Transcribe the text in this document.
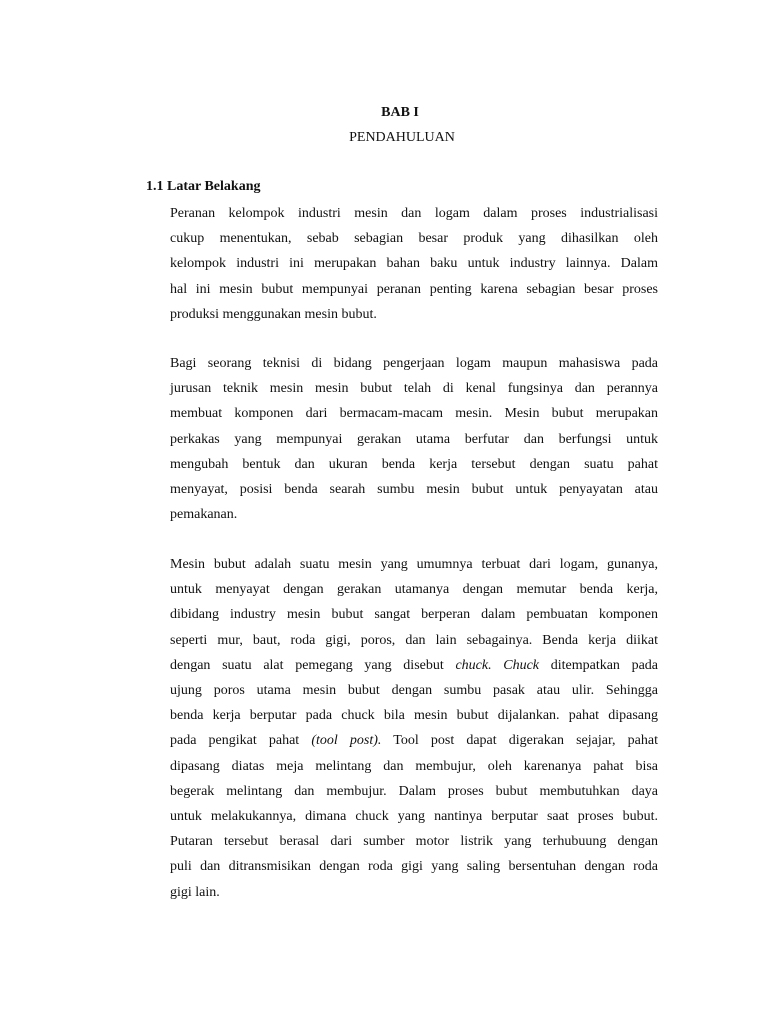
BAB I
PENDAHULUAN
1.1 Latar Belakang
Peranan kelompok industri mesin dan logam dalam proses industrialisasi
cukup menentukan, sebab sebagian besar produk yang dihasilkan oleh
kelompok industri ini merupakan bahan baku untuk industry lainnya. Dalam
hal ini mesin bubut mempunyai peranan penting karena sebagian besar proses
produksi menggunakan mesin bubut.
Bagi seorang teknisi di bidang pengerjaan logam maupun mahasiswa pada
jurusan teknik mesin mesin bubut telah di kenal fungsinya dan perannya
membuat komponen dari bermacam-macam mesin. Mesin bubut merupakan
perkakas yang mempunyai gerakan utama berfutar dan berfungsi untuk
mengubah bentuk dan ukuran benda kerja tersebut dengan suatu pahat
menyayat, posisi benda searah sumbu mesin bubut untuk penyayatan atau
pemakanan.
Mesin bubut adalah suatu mesin yang umumnya terbuat dari logam, gunanya,
untuk menyayat dengan gerakan utamanya dengan memutar benda kerja,
dibidang industry mesin bubut sangat berperan dalam pembuatan komponen
seperti mur, baut, roda gigi, poros, dan lain sebagainya. Benda kerja diikat
dengan suatu alat pemegang yang disebut chuck. Chuck ditempatkan pada
ujung poros utama mesin bubut dengan sumbu pasak atau ulir. Sehingga
benda kerja berputar pada chuck bila mesin bubut dijalankan. pahat dipasang
pada pengikat pahat (tool post). Tool post dapat digerakan sejajar, pahat
dipasang diatas meja melintang dan membujur, oleh karenanya pahat bisa
begerak melintang dan membujur. Dalam proses bubut membutuhkan daya
untuk melakukannya, dimana chuck yang nantinya berputar saat proses bubut.
Putaran tersebut berasal dari sumber motor listrik yang terhubuung dengan
puli dan ditransmisikan dengan roda gigi yang saling bersentuhan dengan roda
gigi lain.
